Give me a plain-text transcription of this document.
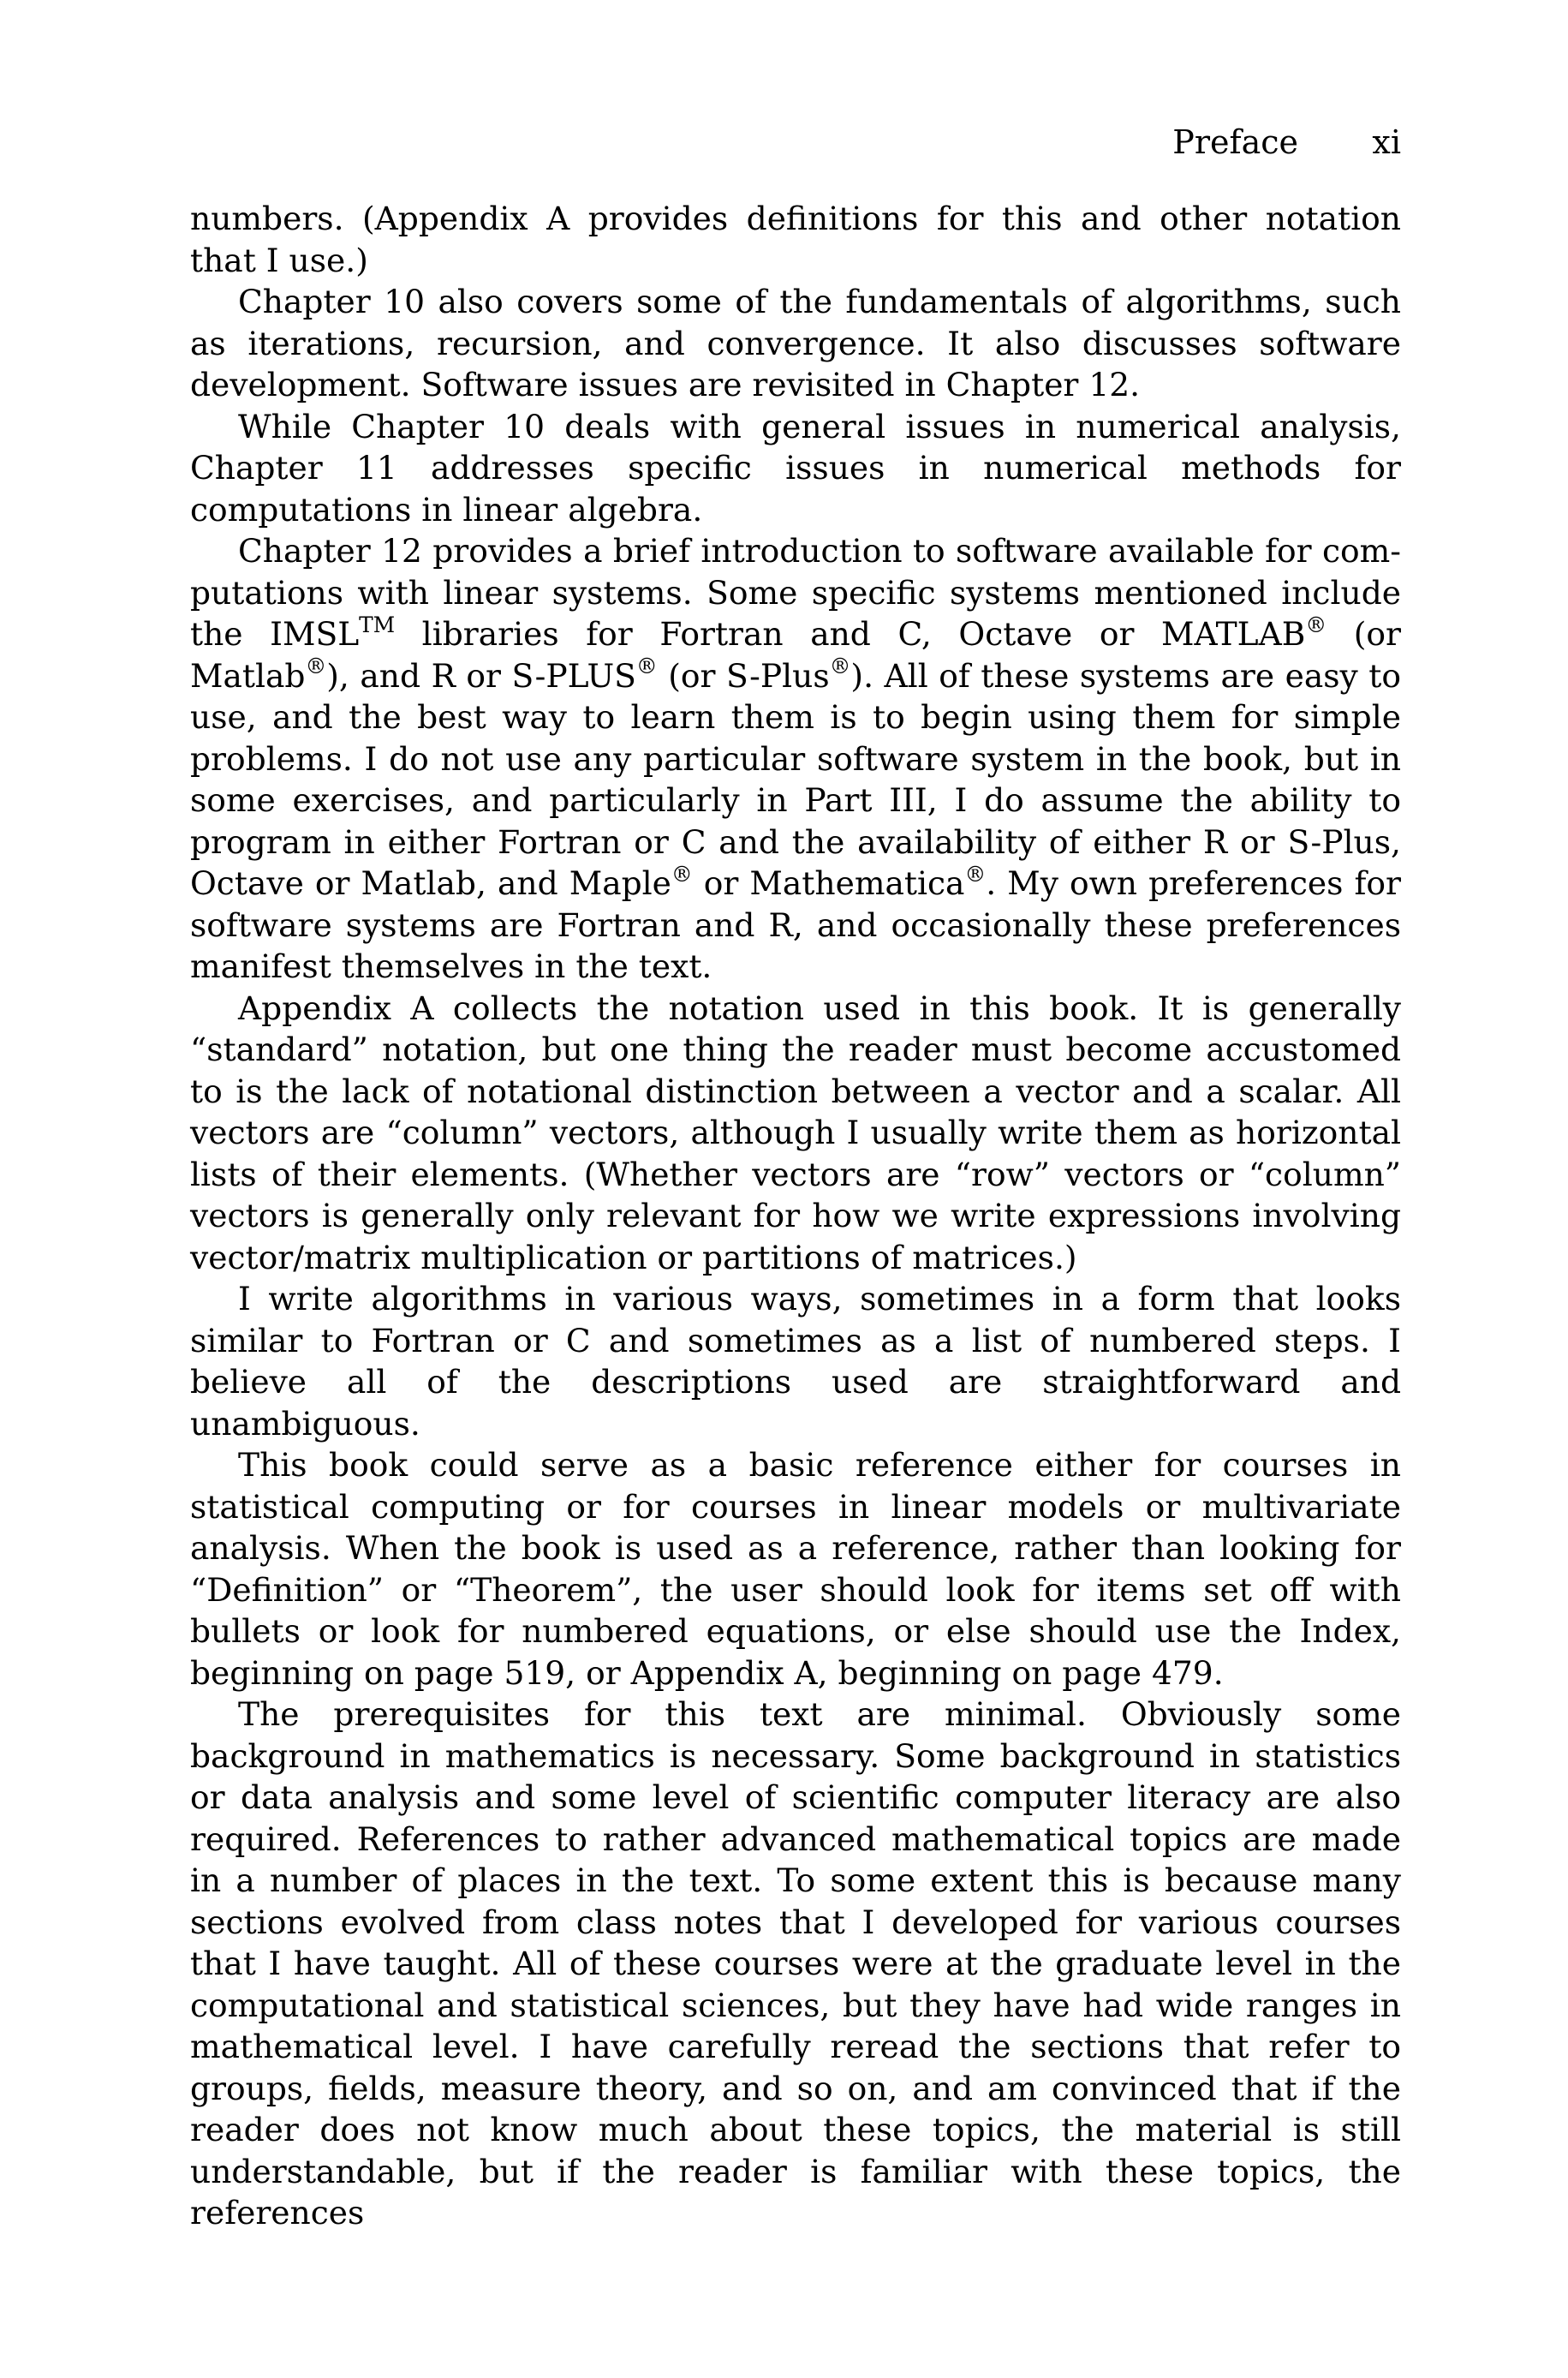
Preface xi

numbers. (Appendix A provides definitions for this and other notation that I use.)

Chapter 10 also covers some of the fundamentals of algorithms, such as iterations, recursion, and convergence. It also discusses software development. Software issues are revisited in Chapter 12.

While Chapter 10 deals with general issues in numerical analysis, Chapter 11 addresses specific issues in numerical methods for computations in linear algebra.

Chapter 12 provides a brief introduction to software available for computations with linear systems. Some specific systems mentioned include the IMSL™ libraries for Fortran and C, Octave or MATLAB® (or Matlab®), and R or S-PLUS® (or S-Plus®). All of these systems are easy to use, and the best way to learn them is to begin using them for simple problems. I do not use any particular software system in the book, but in some exercises, and particularly in Part III, I do assume the ability to program in either Fortran or C and the availability of either R or S-Plus, Octave or Matlab, and Maple® or Mathematica®. My own preferences for software systems are Fortran and R, and occasionally these preferences manifest themselves in the text.

Appendix A collects the notation used in this book. It is generally “standard” notation, but one thing the reader must become accustomed to is the lack of notational distinction between a vector and a scalar. All vectors are “column” vectors, although I usually write them as horizontal lists of their elements. (Whether vectors are “row” vectors or “column” vectors is generally only relevant for how we write expressions involving vector/matrix multiplication or partitions of matrices.)

I write algorithms in various ways, sometimes in a form that looks similar to Fortran or C and sometimes as a list of numbered steps. I believe all of the descriptions used are straightforward and unambiguous.

This book could serve as a basic reference either for courses in statistical computing or for courses in linear models or multivariate analysis. When the book is used as a reference, rather than looking for “Definition” or “Theorem”, the user should look for items set off with bullets or look for numbered equations, or else should use the Index, beginning on page 519, or Appendix A, beginning on page 479.

The prerequisites for this text are minimal. Obviously some background in mathematics is necessary. Some background in statistics or data analysis and some level of scientific computer literacy are also required. References to rather advanced mathematical topics are made in a number of places in the text. To some extent this is because many sections evolved from class notes that I developed for various courses that I have taught. All of these courses were at the graduate level in the computational and statistical sciences, but they have had wide ranges in mathematical level. I have carefully reread the sections that refer to groups, fields, measure theory, and so on, and am convinced that if the reader does not know much about these topics, the material is still understandable, but if the reader is familiar with these topics, the references
